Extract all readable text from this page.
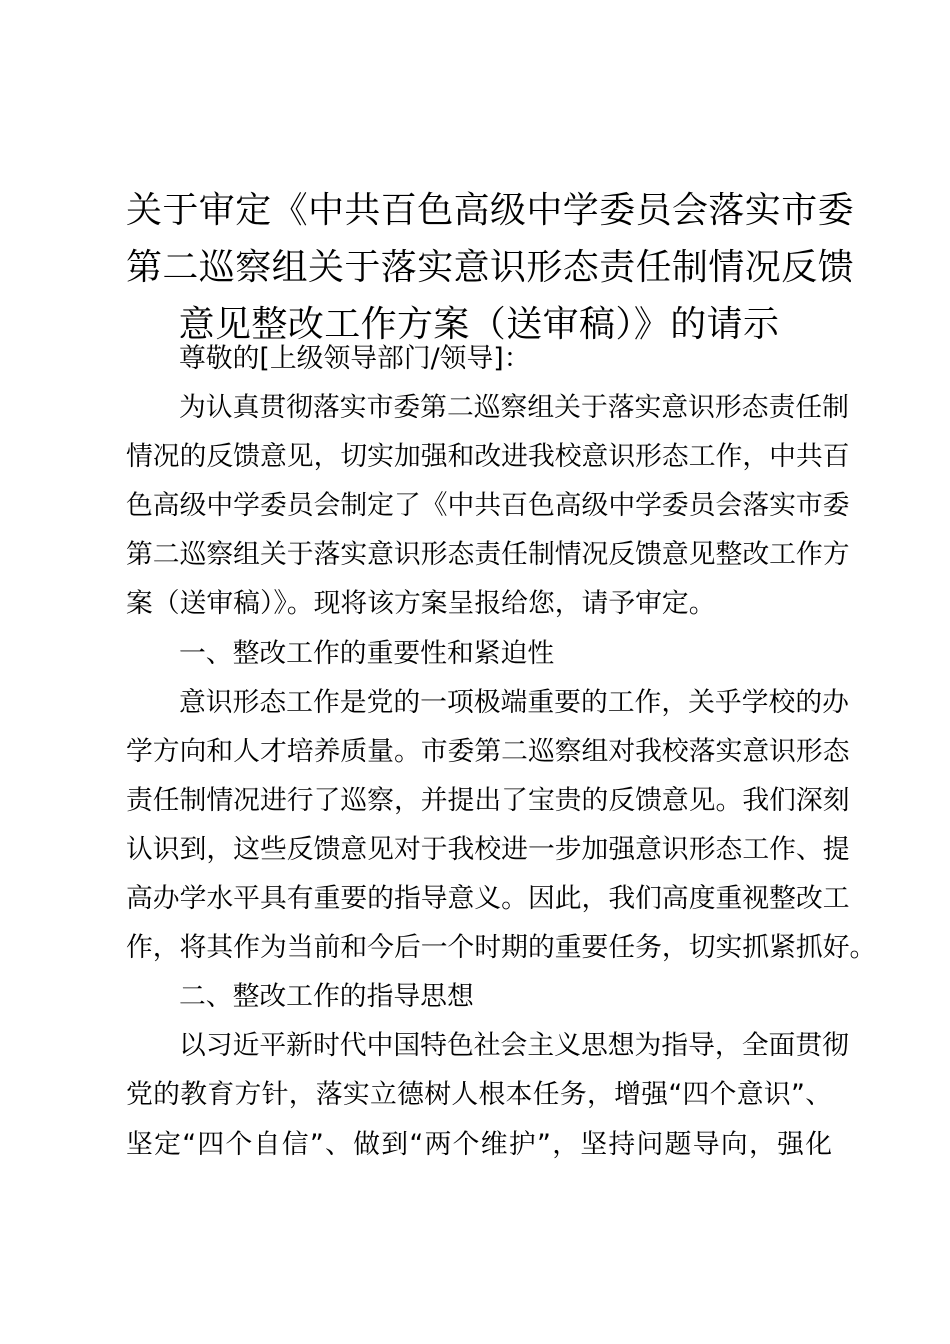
关于审定《中共百色高级中学委员会落实市委
第二巡察组关于落实意识形态责任制情况反馈
意见整改工作方案（送审稿）》的请示

尊敬的[上级领导部门/领导]：

为认真贯彻落实市委第二巡察组关于落实意识形态责任制
情况的反馈意见，切实加强和改进我校意识形态工作，中共百
色高级中学委员会制定了《中共百色高级中学委员会落实市委
第二巡察组关于落实意识形态责任制情况反馈意见整改工作方
案（送审稿）》。现将该方案呈报给您，请予审定。

一、整改工作的重要性和紧迫性

意识形态工作是党的一项极端重要的工作，关乎学校的办
学方向和人才培养质量。市委第二巡察组对我校落实意识形态
责任制情况进行了巡察，并提出了宝贵的反馈意见。我们深刻
认识到，这些反馈意见对于我校进一步加强意识形态工作、提
高办学水平具有重要的指导意义。因此，我们高度重视整改工
作，将其作为当前和今后一个时期的重要任务，切实抓紧抓好。

二、整改工作的指导思想

以习近平新时代中国特色社会主义思想为指导，全面贯彻
党的教育方针，落实立德树人根本任务，增强“四个意识”、
坚定“四个自信”、做到“两个维护”，坚持问题导向，强化
